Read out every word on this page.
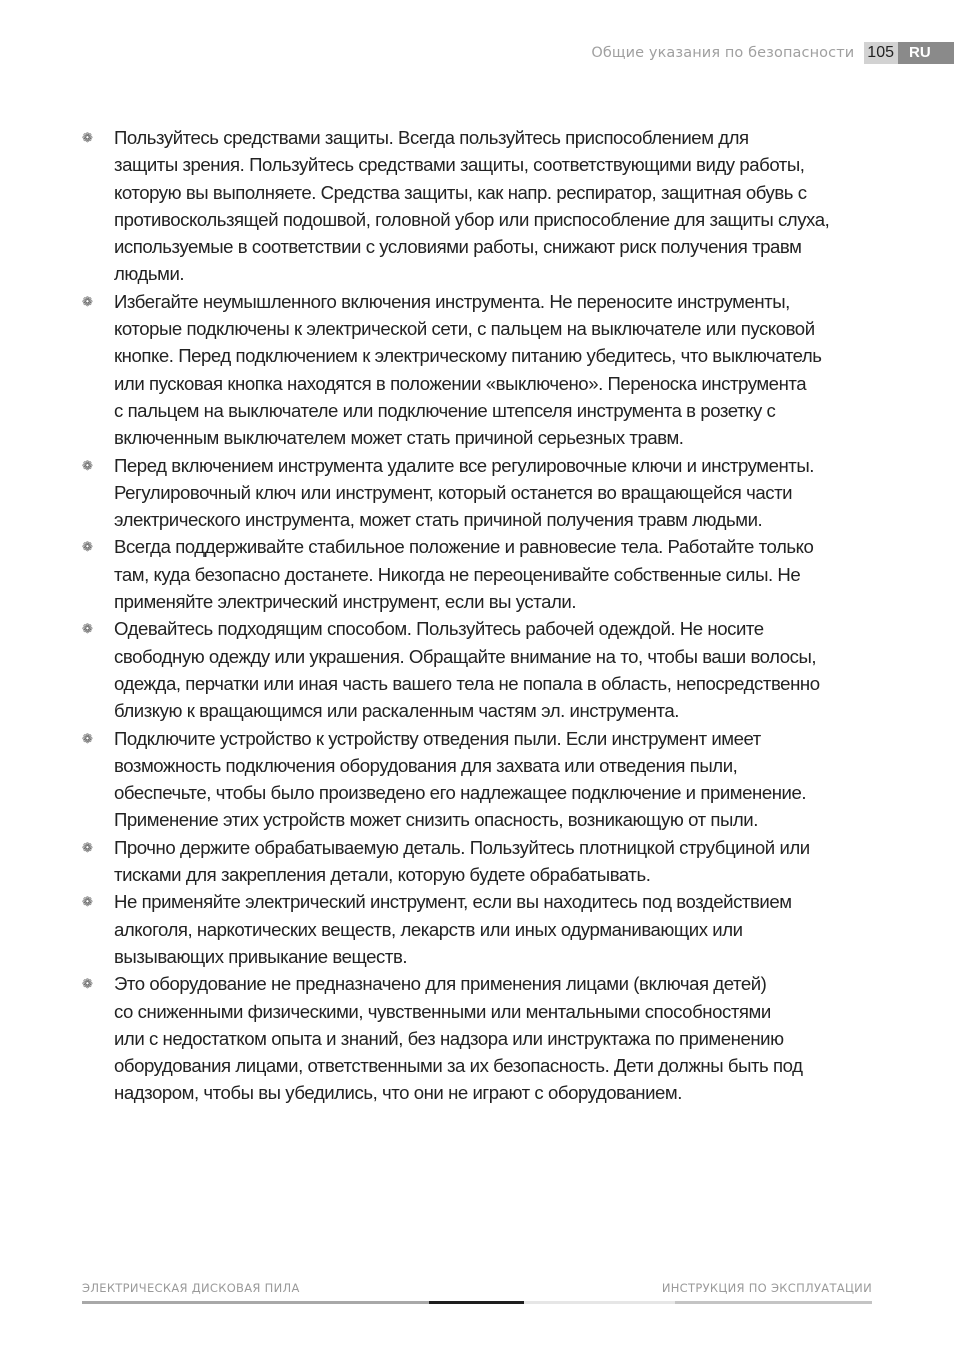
Общие указания по безопасности 105	RU
❁	Пользуйтесь средствами защиты. Всегда пользуйтесь приспособлением для
защиты зрения. Пользуйтесь средствами защиты, соответствующими виду работы,
которую вы выполняете. Средства защиты, как напр. респиратор, защитная обувь с
противоскользящей подошвой, головной убор или приспособление для защиты слуха,
используемые в соответствии с условиями работы, снижают риск получения травм
людьми.
❁	Избегайте неумышленного включения инструмента. Не переносите инструменты,
которые подключены к электрической сети, с пальцем на выключателе или пусковой
кнопке. Перед подключением к электрическому питанию убедитесь, что выключатель
или пусковая кнопка находятся в положении «выключено». Переноска инструмента
с пальцем на выключателе или подключение штепселя инструмента в розетку с
включенным выключателем может стать причиной серьезных травм.
❁	Перед включением инструмента удалите все регулировочные ключи и инструменты.
Регулировочный ключ или инструмент, который останется во вращающейся части
электрического инструмента, может стать причиной получения травм людьми.
❁	Всегда поддерживайте стабильное положение и равновесие тела. Работайте только
там, куда безопасно достанете. Никогда не переоценивайте собственные силы. Не
применяйте электрический инструмент, если вы устали.
❁	Одевайтесь подходящим способом. Пользуйтесь рабочей одеждой. Не носите
свободную одежду или украшения. Обращайте внимание на то, чтобы ваши волосы,
одежда, перчатки или иная часть вашего тела не попала в область, непосредственно
близкую к вращающимся или раскаленным частям эл. инструмента.
❁	Подключите устройство к устройству отведения пыли. Если инструмент имеет
возможность подключения оборудования для захвата или отведения пыли,
обеспечьте, чтобы было произведено его надлежащее подключение и применение.
Применение этих устройств может снизить опасность, возникающую от пыли.
❁	Прочно держите обрабатываемую деталь. Пользуйтесь плотницкой струбциной или
тисками для закрепления детали, которую будете обрабатывать.
❁	Не применяйте электрический инструмент, если вы находитесь под воздействием
алкоголя, наркотических веществ, лекарств или иных одурманивающих или
вызывающих привыкание веществ.
❁	Это оборудование не предназначено для применения лицами (включая детей)
со сниженными физическими, чувственными или ментальными способностями
или с недостатком опыта и знаний, без надзора или инструктажа по применению
оборудования лицами, ответственными за их безопасность. Дети должны быть под
надзором, чтобы вы убедились, что они не играют с оборудованием.
ЭЛЕКТРИЧЕСКАЯ ДИСКОВАЯ ПИЛА	ИНСТРУКЦИЯ ПО ЭКСПЛУАТАЦИИ
